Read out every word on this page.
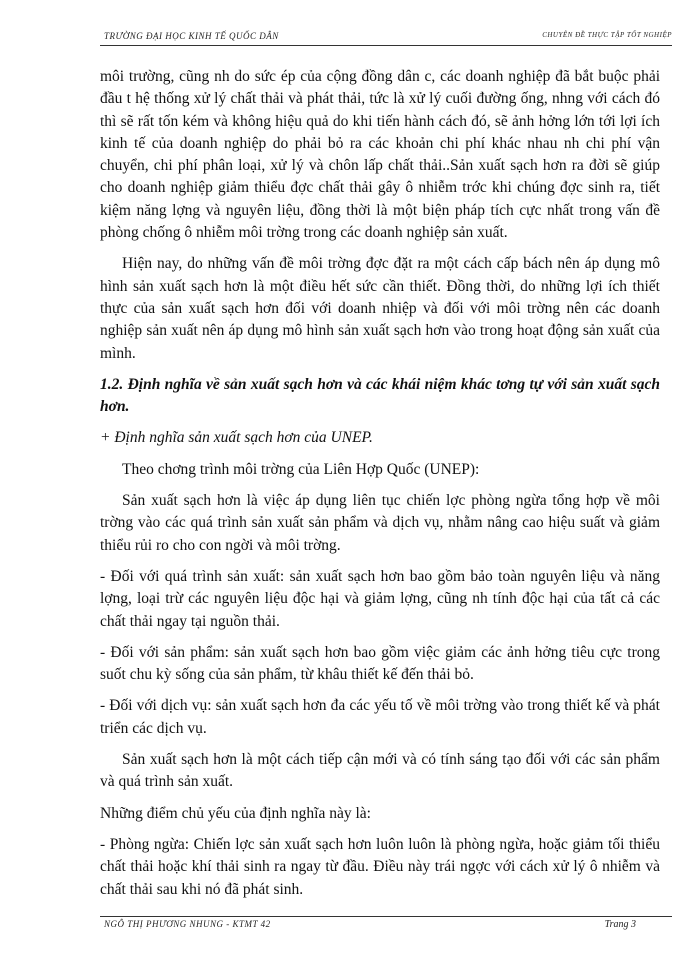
TRƯỜNG ĐẠI HỌC KINH TẾ QUỐC DÂN	CHUYÊN ĐỀ THỰC TẬP TỐT NGHIỆP

môi trường, cũng nh do sức ép của cộng đồng dân c, các doanh nghiệp đã bắt buộc phải đầu t hệ thống xử lý chất thải và phát thải, tức là xử lý cuối đường ống, nhng với cách đó thì sẽ rất tốn kém và không hiệu quả do khi tiến hành cách đó, sẽ ảnh hởng lớn tới lợi ích kinh tế của doanh nghiệp do phải bỏ ra các khoản chi phí khác nhau nh chi phí vận chuyển, chi phí phân loại, xử lý và chôn lấp chất thải..Sản xuất sạch hơn ra đời sẽ giúp cho doanh nghiệp giảm thiểu đợc chất thải gây ô nhiễm trớc khi chúng đợc sinh ra, tiết kiệm năng lợng và nguyên liệu, đồng thời là một biện pháp tích cực nhất trong vấn đề phòng chống ô nhiễm môi trờng trong các doanh nghiệp sản xuất.

Hiện nay, do những vấn đề môi trờng đợc đặt ra một cách cấp bách nên áp dụng mô hình sản xuất sạch hơn là một điều hết sức cần thiết. Đồng thời, do những lợi ích thiết thực của sản xuất sạch hơn đối với doanh nhiệp và đối với môi trờng nên các doanh nghiệp sản xuất nên áp dụng mô hình sản xuất sạch hơn vào trong hoạt động sản xuất của mình.

1.2. Định nghĩa về sản xuất sạch hơn và các khái niệm khác tơng tự với sản xuất sạch hơn.

+ Định nghĩa sản xuất sạch hơn của UNEP.

Theo chơng trình môi trờng của Liên Hợp Quốc (UNEP):

Sản xuất sạch hơn là việc áp dụng liên tục chiến lợc phòng ngừa tổng hợp về môi trờng vào các quá trình sản xuất sản phẩm và dịch vụ, nhằm nâng cao hiệu suất và giảm thiểu rủi ro cho con ngời và môi trờng.

- Đối với quá trình sản xuất: sản xuất sạch hơn bao gồm bảo toàn nguyên liệu và năng lợng, loại trừ các nguyên liệu độc hại và giảm lợng, cũng nh tính độc hại của tất cả các chất thải ngay tại nguồn thải.

- Đối với sản phẩm: sản xuất sạch hơn bao gồm việc giảm các ảnh hởng tiêu cực trong suốt chu kỳ sống của sản phẩm, từ khâu thiết kế đến thải bỏ.

- Đối với dịch vụ: sản xuất sạch hơn đa các yếu tố về môi trờng vào trong thiết kế và phát triển các dịch vụ.

Sản xuất sạch hơn là một cách tiếp cận mới và có tính sáng tạo đối với các sản phẩm và quá trình sản xuất.

Những điểm chủ yếu của định nghĩa này là:

- Phòng ngừa: Chiến lợc sản xuất sạch hơn luôn luôn là phòng ngừa, hoặc giảm tối thiểu chất thải hoặc khí thải sinh ra ngay từ đầu. Điều này trái ngợc với cách xử lý ô nhiễm và chất thải sau khi nó đã phát sinh.

NGÔ THỊ PHƯƠNG NHUNG - KTMT 42	Trang 3
